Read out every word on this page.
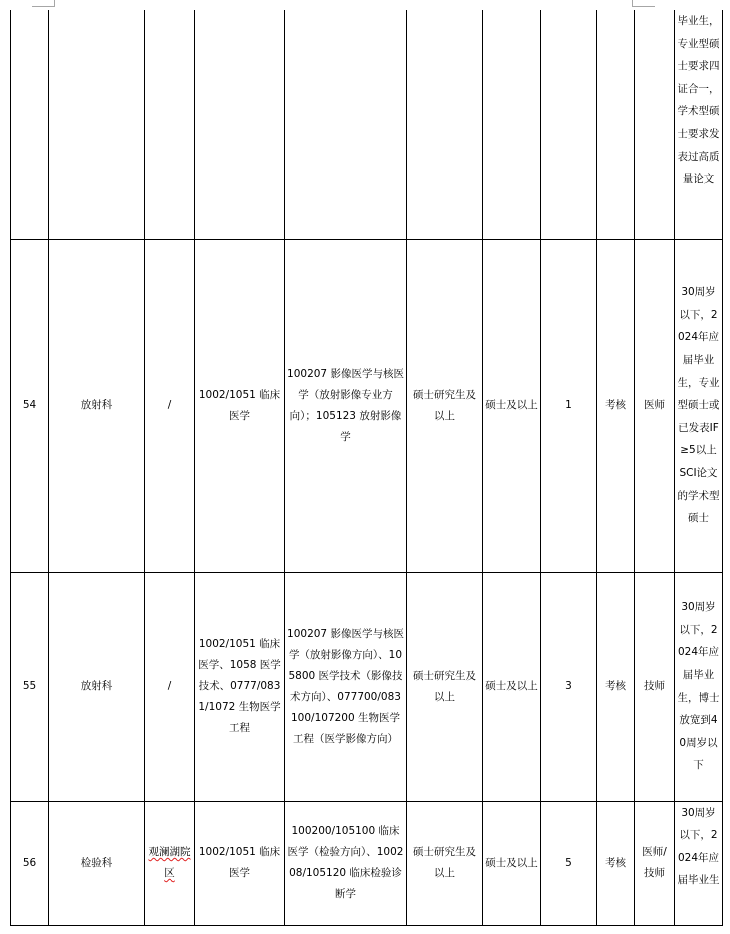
										毕业生，专业型硕士要求四证合一，学术型硕士要求发表过高质量论文
54	放射科	/	1002/1051 临床医学	100207 影像医学与核医学（放射影像专业方向）；105123 放射影像学	硕士研究生及以上	硕士及以上	1	考核	医师	30周岁以下，2024年应届毕业生，专业型硕士或已发表IF≥5以上SCI论文的学术型硕士
55	放射科	/	1002/1051 临床医学、1058 医学技术、0777/0831/1072 生物医学工程	100207 影像医学与核医学（放射影像方向）、105800 医学技术（影像技术方向）、077700/083100/107200 生物医学工程（医学影像方向）	硕士研究生及以上	硕士及以上	3	考核	技师	30周岁以下，2024年应届毕业生，博士放宽到40周岁以下
56	检验科	观澜湖院区	1002/1051 临床医学	100200/105100 临床医学（检验方向）、100208/105120 临床检验诊断学	硕士研究生及以上	硕士及以上	5	考核	医师/技师	30周岁以下，2024年应届毕业生
